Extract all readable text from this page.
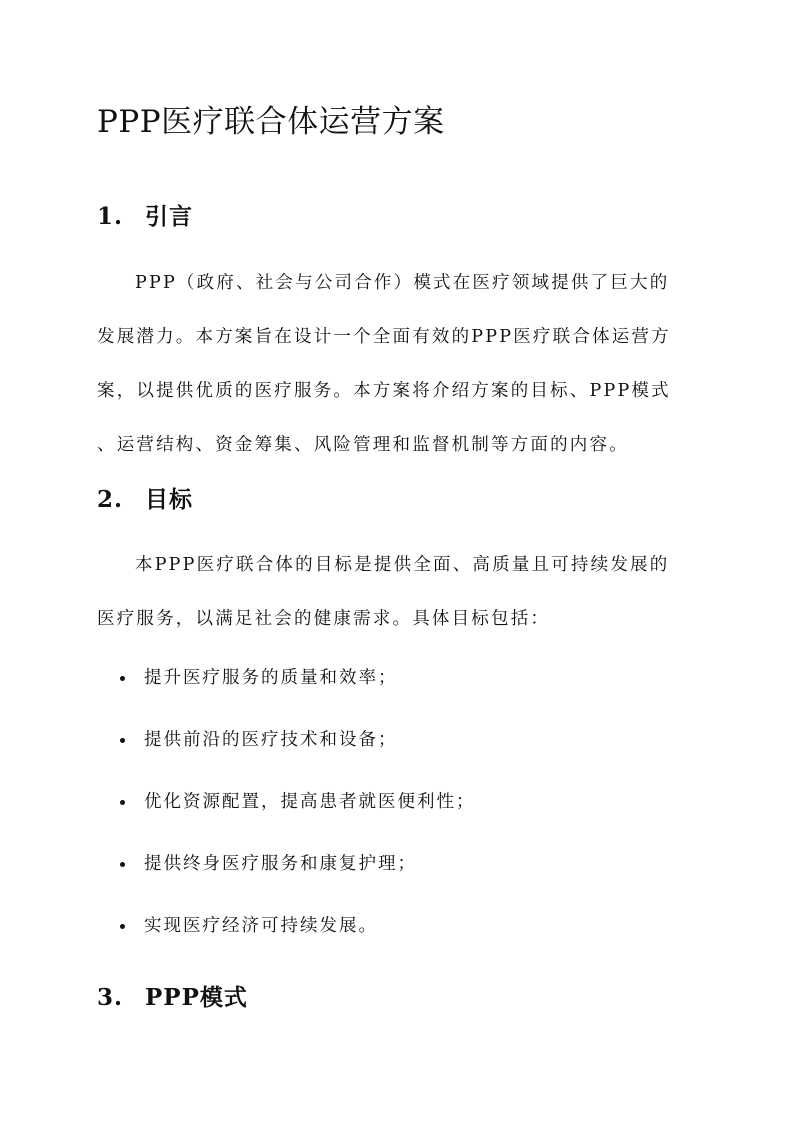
PPP医疗联合体运营方案
1. 引言

PPP（政府、社会与公司合作）模式在医疗领域提供了巨大的
发展潜力。本方案旨在设计一个全面有效的PPP医疗联合体运营方
案，以提供优质的医疗服务。本方案将介绍方案的目标、PPP模式
、运营结构、资金筹集、风险管理和监督机制等方面的内容。

2. 目标

本PPP医疗联合体的目标是提供全面、高质量且可持续发展的
医疗服务，以满足社会的健康需求。具体目标包括：

提升医疗服务的质量和效率；
提供前沿的医疗技术和设备；
优化资源配置，提高患者就医便利性；
提供终身医疗服务和康复护理；
实现医疗经济可持续发展。
3. PPP模式
